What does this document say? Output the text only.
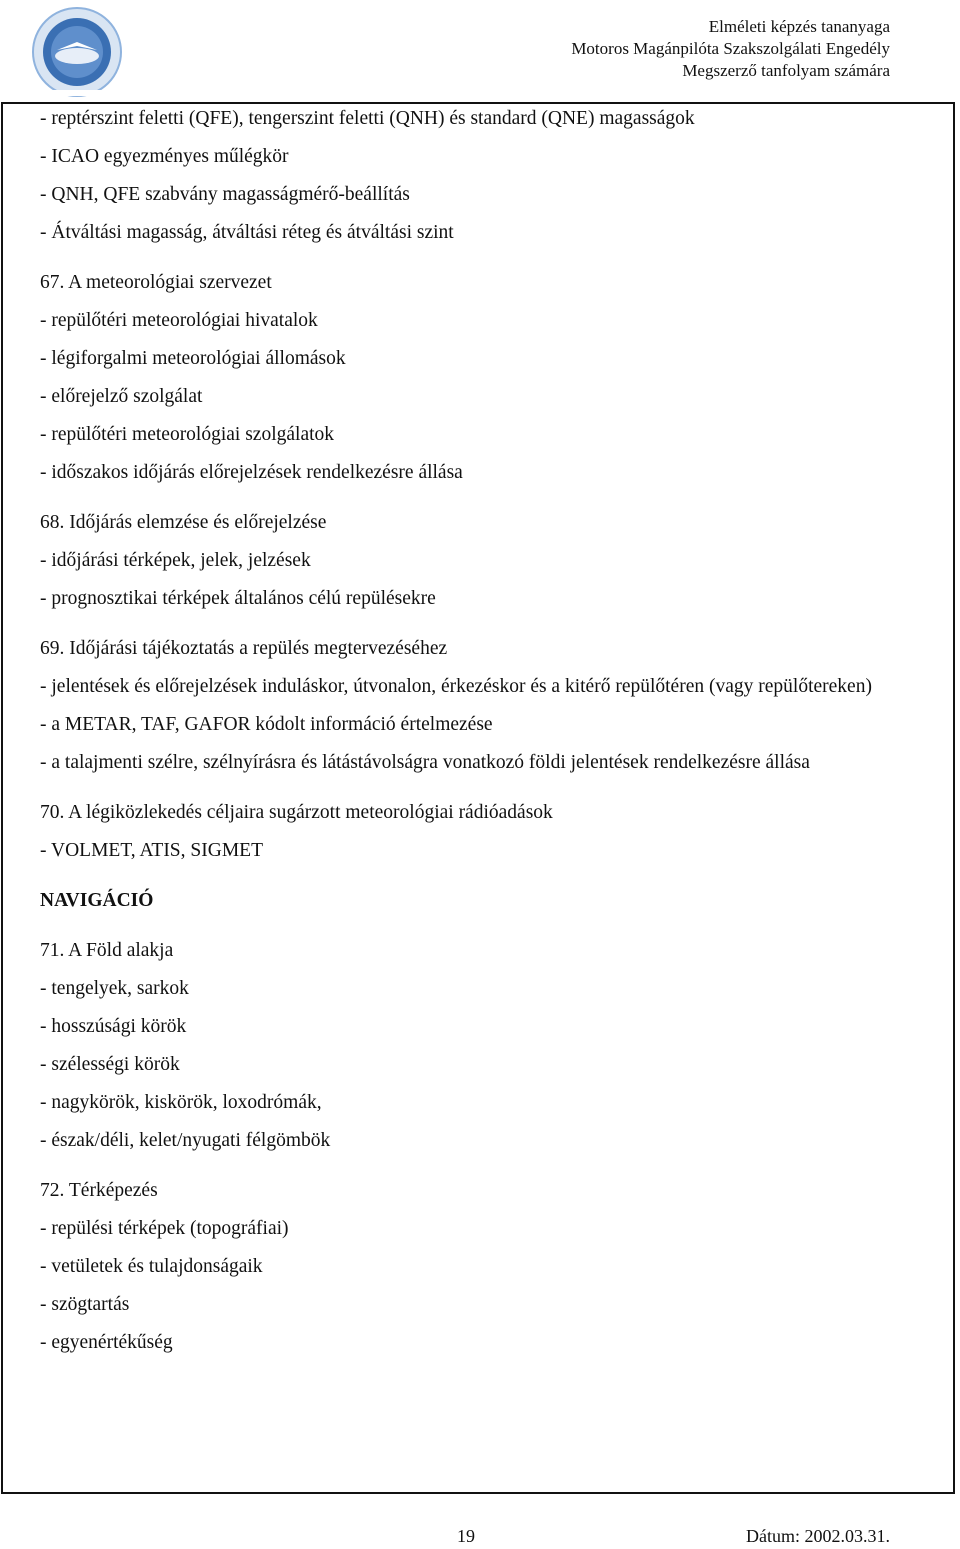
Elméleti képzés tananyaga
Motoros Magánpilóta Szakszolgálati Engedély
Megszerző tanfolyam számára
- reptérszint feletti (QFE), tengerszint feletti (QNH) és standard (QNE) magasságok
- ICAO egyezményes műlégkör
- QNH, QFE szabvány magasságmérő-beállítás
- Átváltási magasság, átváltási réteg és átváltási szint
67. A meteorológiai szervezet
- repülőtéri meteorológiai hivatalok
- légiforgalmi meteorológiai állomások
- előrejelző szolgálat
- repülőtéri meteorológiai szolgálatok
- időszakos időjárás előrejelzések rendelkezésre állása
68. Időjárás elemzése és előrejelzése
- időjárási térképek, jelek, jelzések
- prognosztikai térképek általános célú repülésekre
69. Időjárási tájékoztatás a repülés megtervezéséhez
- jelentések és előrejelzések induláskor, útvonalon, érkezéskor és a kitérő repülőtéren (vagy repülőtereken)
- a METAR, TAF, GAFOR kódolt információ értelmezése
- a talajmenti szélre, szélnyírásra és látástávolságra vonatkozó földi jelentések rendelkezésre állása
70. A légiközlekedés céljaira sugárzott meteorológiai rádióadások
- VOLMET, ATIS, SIGMET
NAVIGÁCIÓ
71. A Föld alakja
- tengelyek, sarkok
- hosszúsági körök
- szélességi körök
- nagykörök, kiskörök, loxodrómák,
- észak/déli, kelet/nyugati félgömbök
72. Térképezés
- repülési térképek (topográfiai)
- vetületek és tulajdonságaik
- szögtartás
- egyenértékűség
19	Dátum: 2002.03.31.
